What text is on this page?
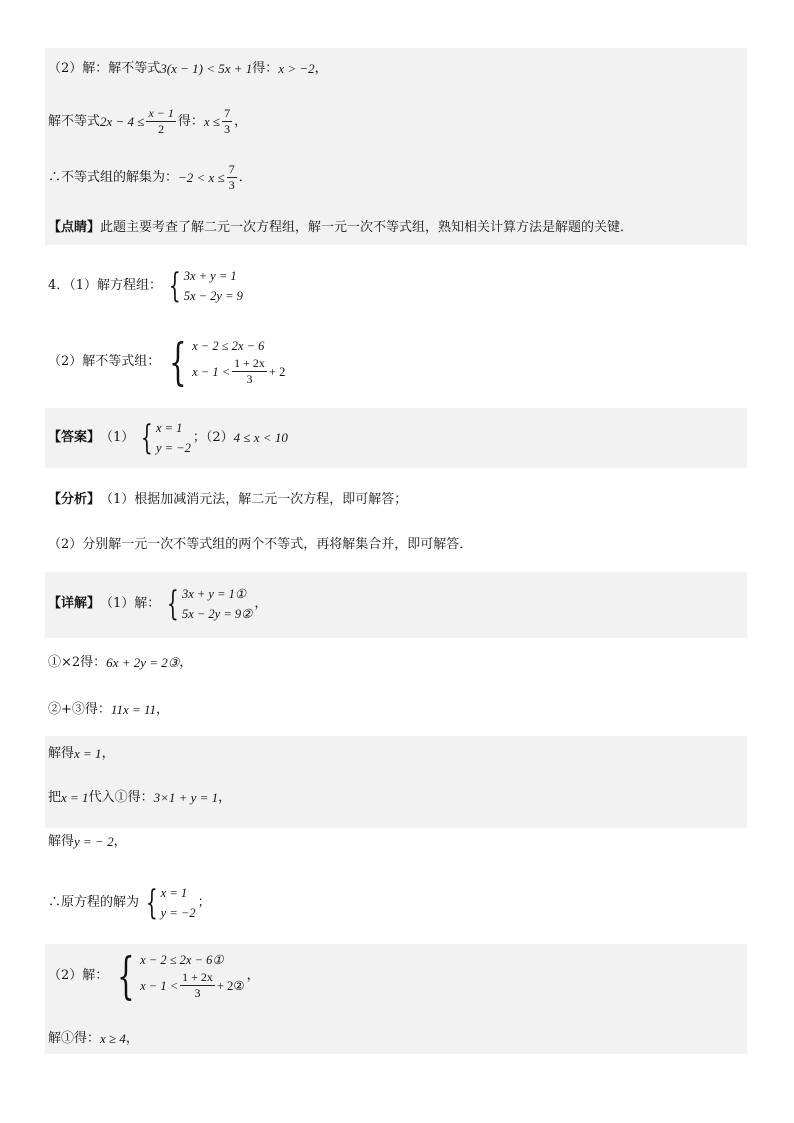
（2）解：解不等式 3(x − 1) < 5x + 1 得： x > −2 ，
解不等式 $2x - 4 \le \frac{x - 1}{2}$ 得： $x \le \frac{7}{3}$ ，
∴不等式组的解集为： $-2 < x \le \frac{7}{3}$ ．
【点睛】 此题主要考查了解二元一次方程组，解一元一次不等式组，熟知相关计算方法是解题的关键．
4．（1）解方程组： { 3x + y = 1
5x − 2y = 9
（2）解不等式组： { x − 2 ≤ 2x − 6
$x - 1 < \frac{1 + 2x}{3} + 2$
【答案】 （1） { x = 1
y = −2
；（2） 4 ≤ x < 10
【分析】 （1）根据加减消元法，解二元一次方程，即可解答；
（2）分别解一元一次不等式组的两个不等式，再将解集合并，即可解答．
【详解】 （1）解： { 3x + y = 1①
5x − 2y = 9②
，
①×2得： 6x + 2y = 2③ ，
②+③得： 11x = 11 ，
解得 x = 1 ，
把 x = 1 代入①得： 3×1 + y = 1 ，
解得 y = − 2 ，
∴原方程的解为 { x = 1
y = −2
；
（2）解： { x − 2 ≤ 2x − 6①
$x - 1 < \frac{1 + 2x}{3}$ + 2②
，
解①得： x ≥ 4 ，
